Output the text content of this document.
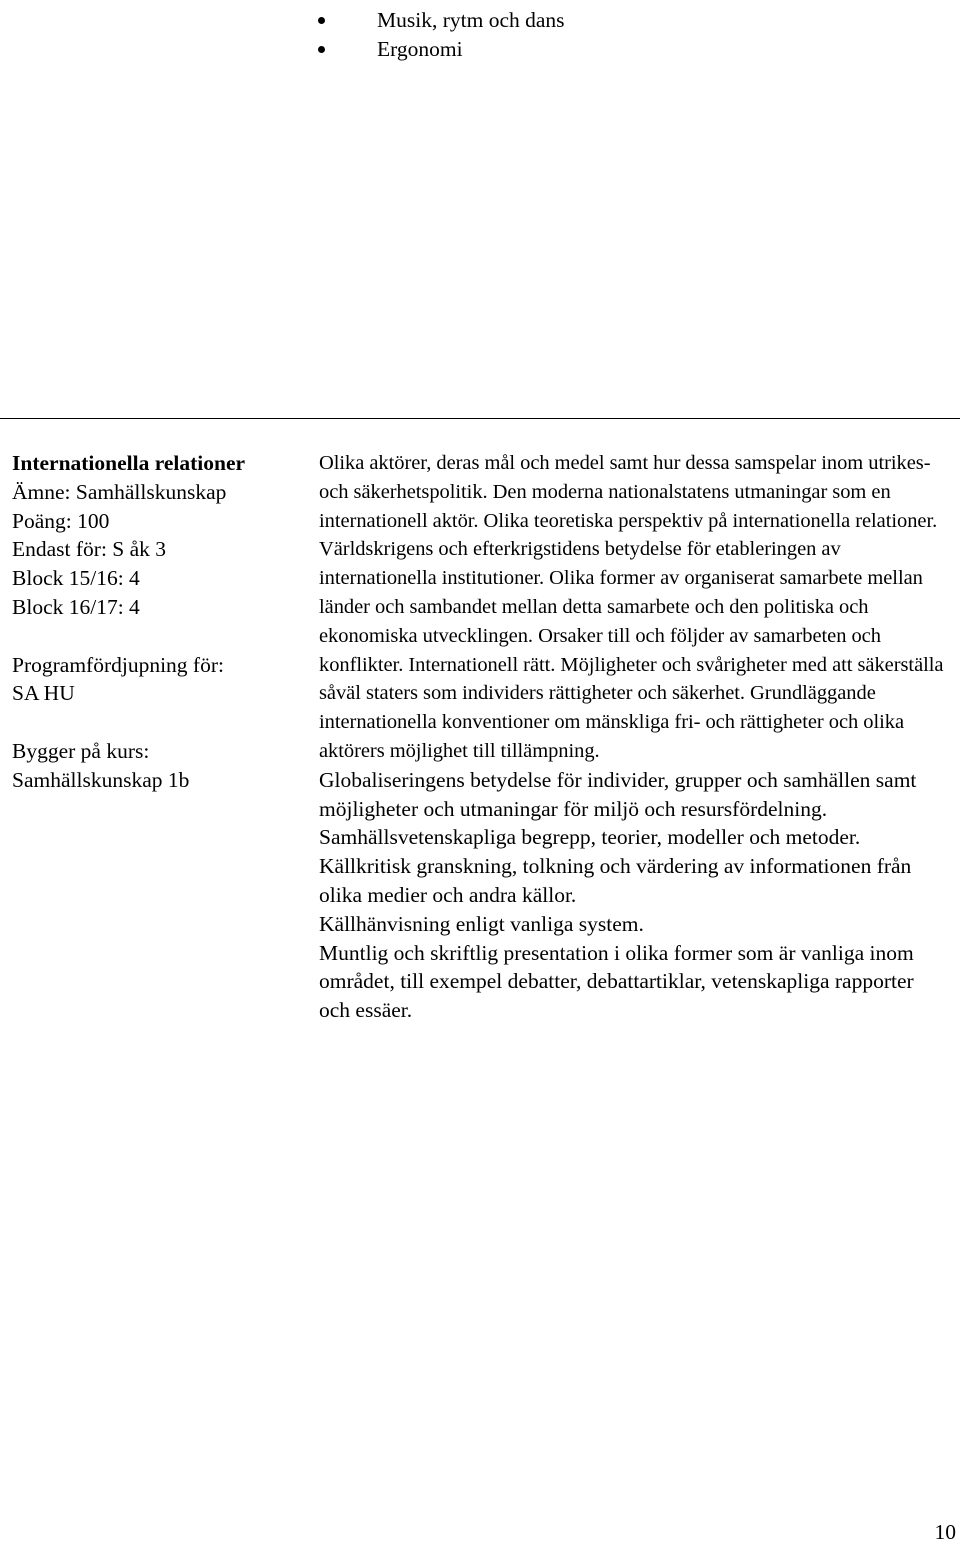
Musik, rytm och dans
Ergonomi
Internationella relationer
Ämne: Samhällskunskap
Poäng: 100
Endast för: S åk 3
Block 15/16: 4
Block 16/17: 4
Programfördjupning för:
SA HU
Bygger på kurs:
Samhällskunskap 1b

Olika aktörer, deras mål och medel samt hur dessa samspelar inom utrikes- och säkerhetspolitik. Den moderna nationalstatens utmaningar som en internationell aktör. Olika teoretiska perspektiv på internationella relationer. Världskrigens och efterkrigstidens betydelse för etableringen av internationella institutioner. Olika former av organiserat samarbete mellan länder och sambandet mellan detta samarbete och den politiska och ekonomiska utvecklingen. Orsaker till och följder av samarbeten och konflikter. Internationell rätt. Möjligheter och svårigheter med att säkerställa såväl staters som individers rättigheter och säkerhet. Grundläggande internationella konventioner om mänskliga fri- och rättigheter och olika aktörers möjlighet till tillämpning.

Globaliseringens betydelse för individer, grupper och samhällen samt möjligheter och utmaningar för miljö och resursfördelning.

Samhällsvetenskapliga begrepp, teorier, modeller och metoder.

Källkritisk granskning, tolkning och värdering av informationen från olika medier och andra källor.

Källhänvisning enligt vanliga system.

Muntlig och skriftlig presentation i olika former som är vanliga inom området, till exempel debatter, debattartiklar, vetenskapliga rapporter och essäer.

10
